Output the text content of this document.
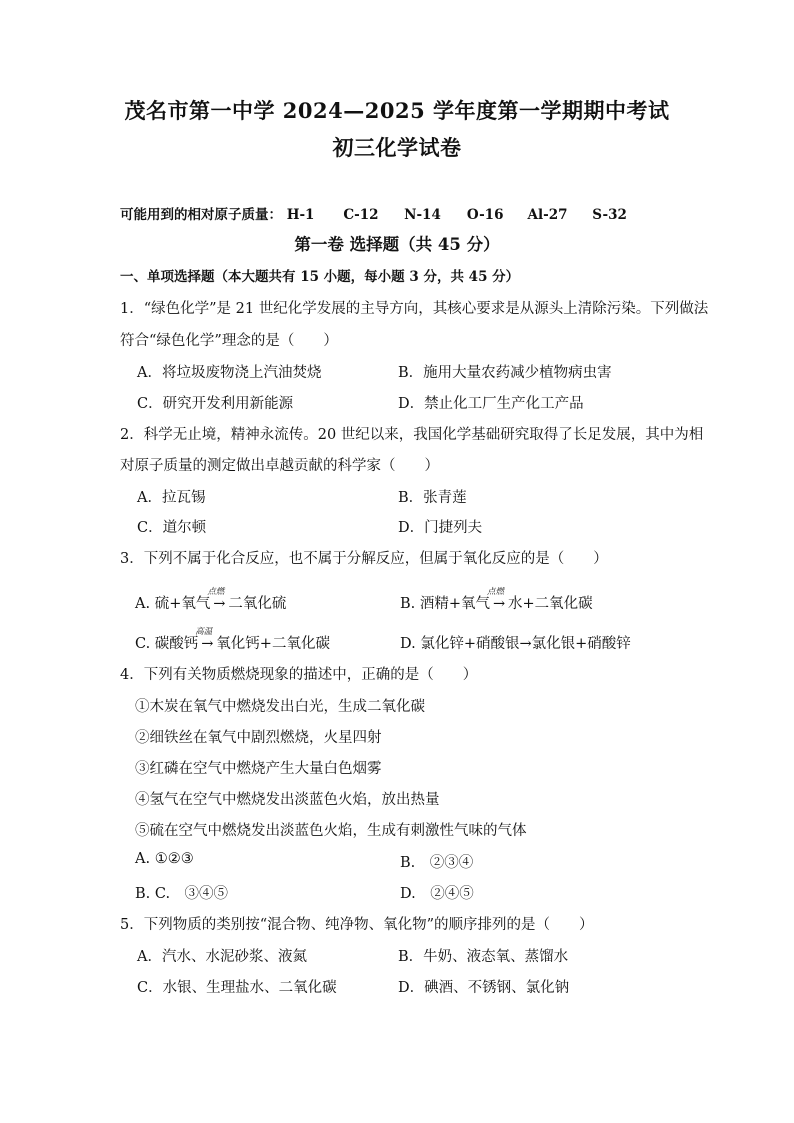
茂名市第一中学 2024—2025 学年度第一学期期中考试
初三化学试卷
可能用到的相对原子质量： H-1 C-12 N-14 O-16 Al-27 S-32
第一卷 选择题（共 45 分）
一、单项选择题（本大题共有 15 小题，每小题 3 分，共 45 分）
1．“绿色化学”是 21 世纪化学发展的主导方向，其核心要求是从源头上清除污染。下列做法
符合“绿色化学”理念的是（　　）
A．将垃圾废物浇上汽油焚烧	B．施用大量农药减少植物病虫害
C．研究开发利用新能源	D．禁止化工厂生产化工产品
2．科学无止境，精神永流传。20 世纪以来，我国化学基础研究取得了长足发展，其中为相
对原子质量的测定做出卓越贡献的科学家（　　）
A．拉瓦锡	B．张青莲
C．道尔顿	D．门捷列夫
3．下列不属于化合反应，也不属于分解反应，但属于氧化反应的是（　　）
A. 硫+氧气
点燃
→ 二氧化硫	B. 酒精+氧气
点燃
→ 水+二氧化碳
C. 碳酸钙
高温
→ 氧化钙+二氧化碳	D. 氯化锌+硝酸银→氯化银+硝酸锌
4．下列有关物质燃烧现象的描述中，正确的是（　　）
①木炭在氧气中燃烧发出白光，生成二氧化碳
②细铁丝在氧气中剧烈燃烧，火星四射
③红磷在空气中燃烧产生大量白色烟雾
④氢气在空气中燃烧发出淡蓝色火焰，放出热量
⑤硫在空气中燃烧发出淡蓝色火焰，生成有刺激性气味的气体
A. ①②③	B.　②③④
B. C.　③④⑤	D.　②④⑤
5．下列物质的类别按“混合物、纯净物、氧化物”的顺序排列的是（　　）
A．汽水、水泥砂浆、液氮	B．牛奶、液态氧、蒸馏水
C．水银、生理盐水、二氧化碳	D．碘酒、不锈钢、氯化钠
